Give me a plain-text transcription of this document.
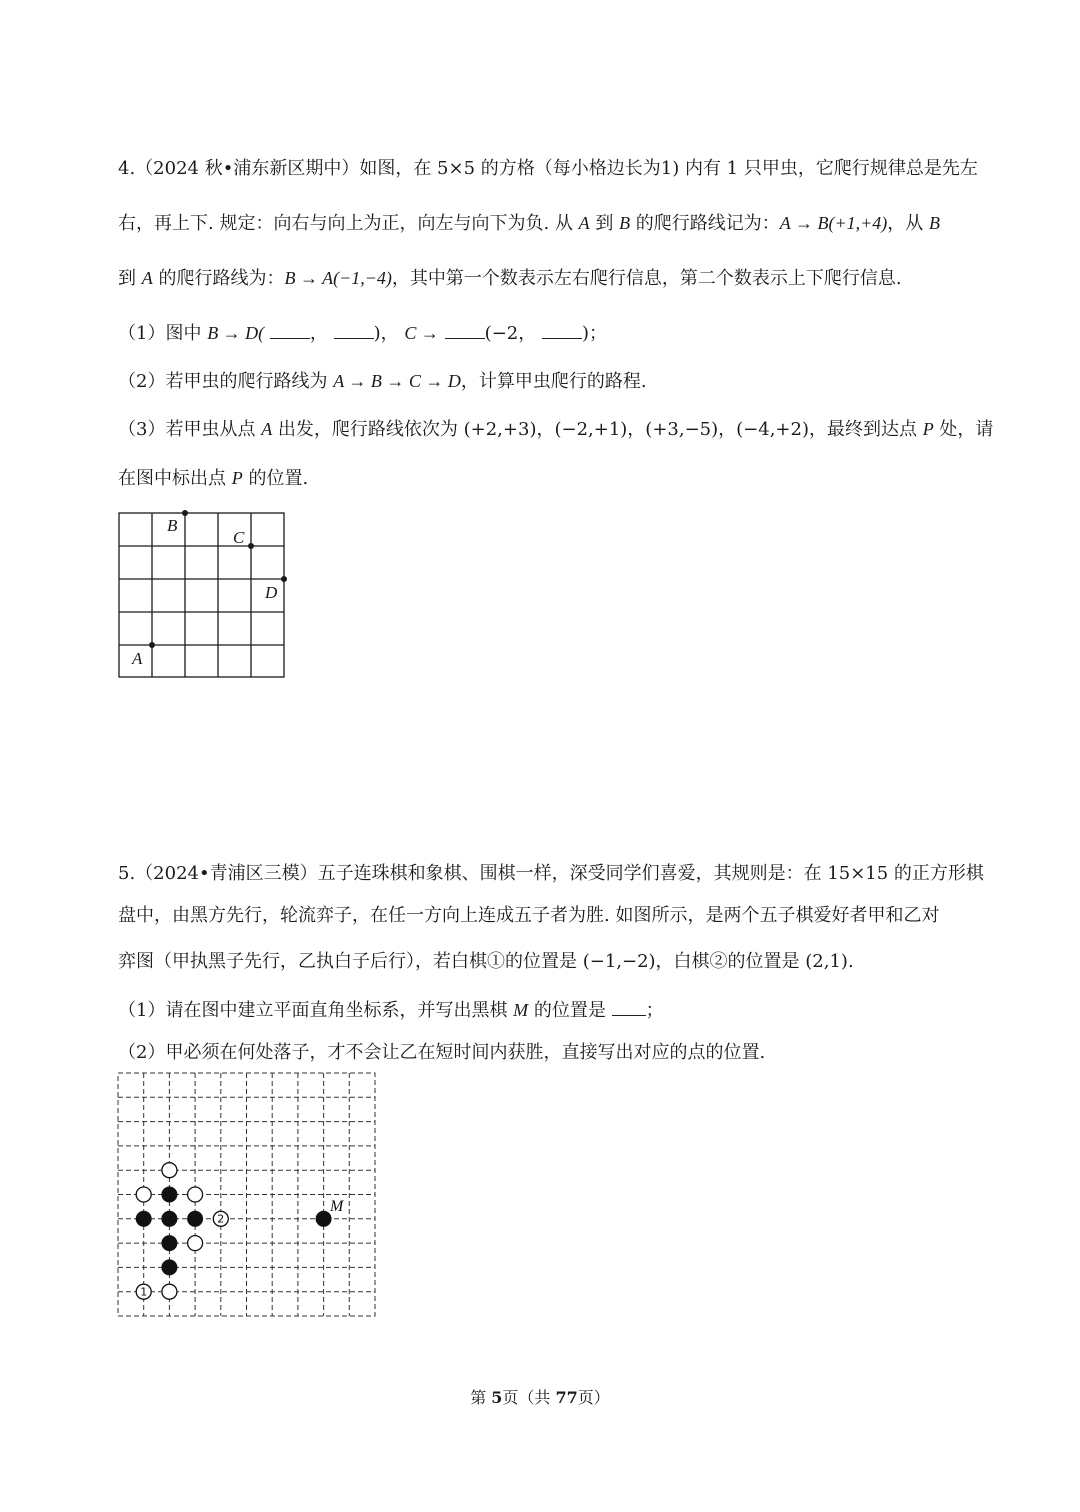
4.（2024 秋•浦东新区期中）如图，在 5×5 的方格（每小格边长为1) 内有 1 只甲虫，它爬行规律总是先左
右，再上下. 规定：向右与向上为正，向左与向下为负. 从 A 到 B 的爬行路线记为：A → B(+1,+4)，从 B
到 A 的爬行路线为：B → A(−1,−4)，其中第一个数表示左右爬行信息，第二个数表示上下爬行信息.
（1）图中 B → D(	，	)， C →	(−2，	)；
（2）若甲虫的爬行路线为 A → B → C → D，计算甲虫爬行的路程.
（3）若甲虫从点 A 出发，爬行路线依次为 (+2,+3)，(−2,+1)，(+3,−5)，(−4,+2)，最终到达点 P 处，请
在图中标出点 P 的位置.
A
B
C
D
5.（2024•青浦区三模）五子连珠棋和象棋、围棋一样，深受同学们喜爱，其规则是：在 15×15 的正方形棋
盘中，由黑方先行，轮流弈子，在任一方向上连成五子者为胜. 如图所示，是两个五子棋爱好者甲和乙对
弈图（甲执黑子先行，乙执白子后行），若白棋①的位置是 (−1,−2)，白棋②的位置是 (2,1).
（1）请在图中建立平面直角坐标系，并写出黑棋 M 的位置是 ；
（2）甲必须在何处落子，才不会让乙在短时间内获胜，直接写出对应的点的位置.
1
2
M
第 5页（共 77页）
